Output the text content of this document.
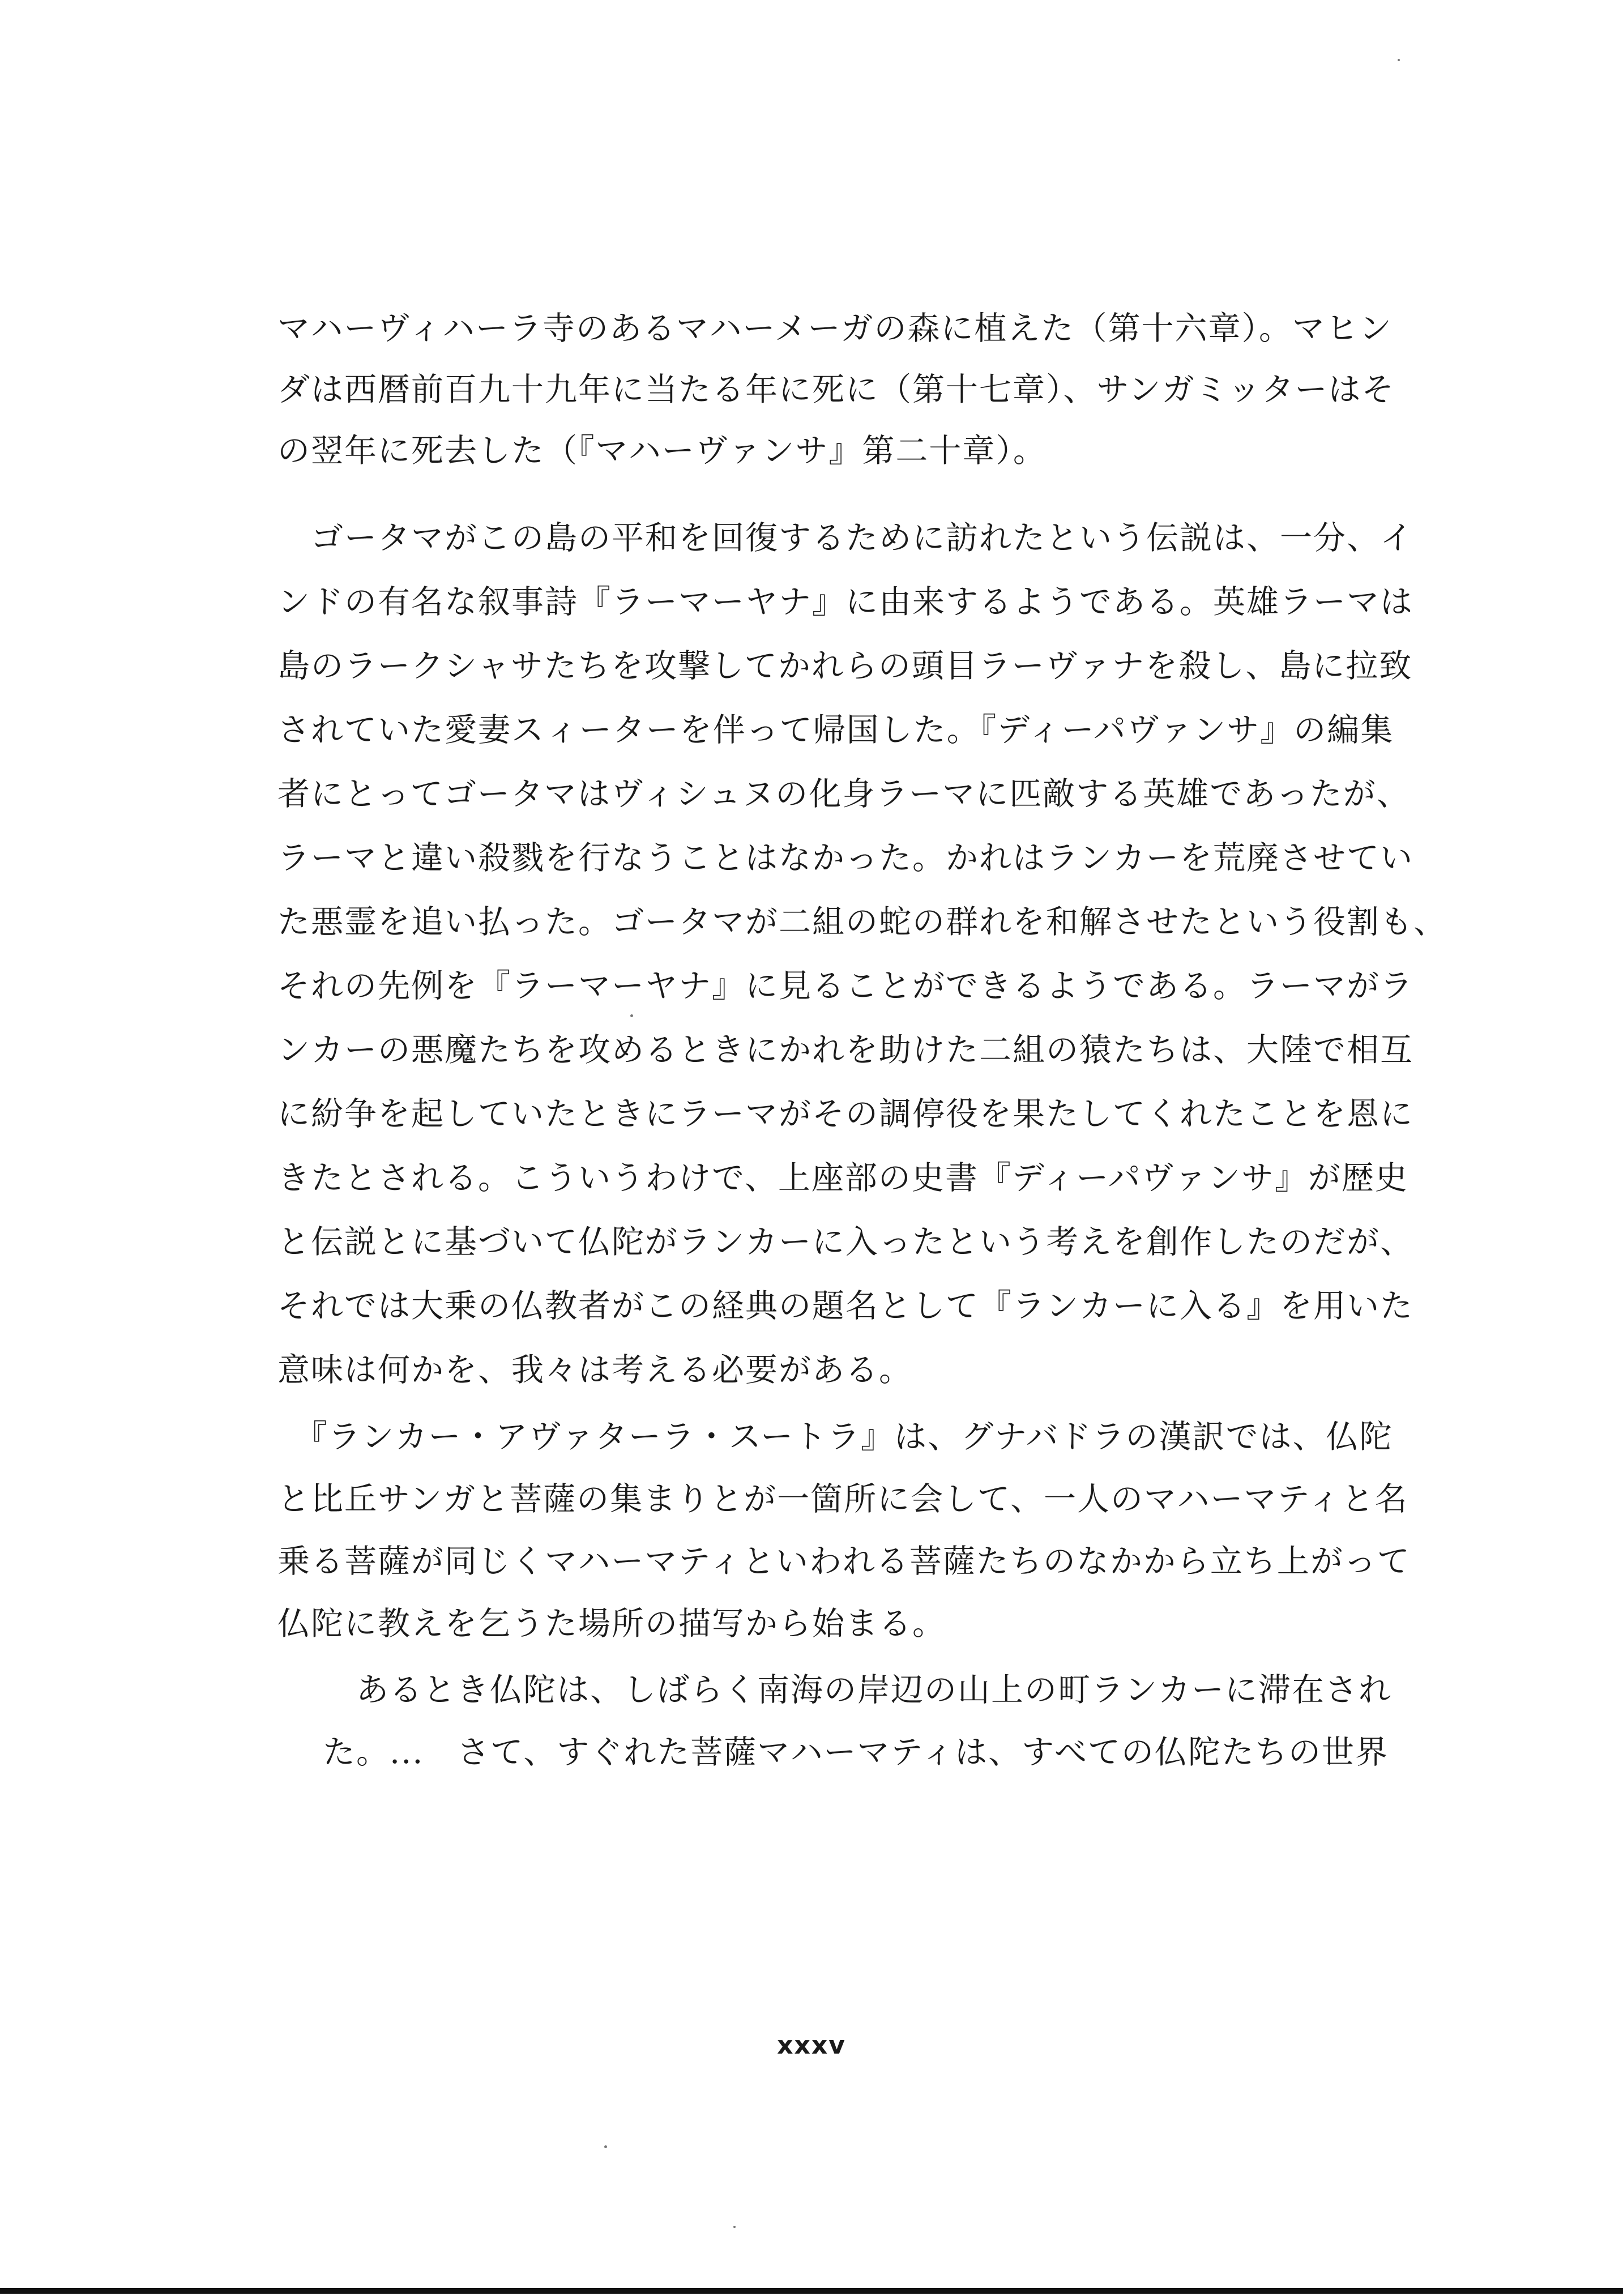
マハーヴィハーラ寺のあるマハーメーガの森に植えた（第十六章）。マヒン
ダは西暦前百九十九年に当たる年に死に（第十七章）、サンガミッターはそ
の翌年に死去した（『マハーヴァンサ』第二十章）。
　ゴータマがこの島の平和を回復するために訪れたという伝説は、一分、イ
ンドの有名な叙事詩『ラーマーヤナ』に由来するようである。英雄ラーマは
島のラークシャサたちを攻撃してかれらの頭目ラーヴァナを殺し、島に拉致
されていた愛妻スィーターを伴って帰国した。『ディーパヴァンサ』の編集
者にとってゴータマはヴィシュヌの化身ラーマに匹敵する英雄であったが、
ラーマと違い殺戮を行なうことはなかった。かれはランカーを荒廃させてい
た悪霊を追い払った。ゴータマが二組の蛇の群れを和解させたという役割も、
それの先例を『ラーマーヤナ』に見ることができるようである。ラーマがラ
ンカーの悪魔たちを攻めるときにかれを助けた二組の猿たちは、大陸で相互
に紛争を起していたときにラーマがその調停役を果たしてくれたことを恩に
きたとされる。こういうわけで、上座部の史書『ディーパヴァンサ』が歴史
と伝説とに基づいて仏陀がランカーに入ったという考えを創作したのだが、
それでは大乗の仏教者がこの経典の題名として『ランカーに入る』を用いた
意味は何かを、我々は考える必要がある。
　『ランカー・アヴァターラ・スートラ』は、グナバドラの漢訳では、仏陀
と比丘サンガと菩薩の集まりとが一箇所に会して、一人のマハーマティと名
乗る菩薩が同じくマハーマティといわれる菩薩たちのなかから立ち上がって
仏陀に教えを乞うた場所の描写から始まる。
　あるとき仏陀は、しばらく南海の岸辺の山上の町ランカーに滞在され
た。...　さて、すぐれた菩薩マハーマティは、すべての仏陀たちの世界
xxxv
